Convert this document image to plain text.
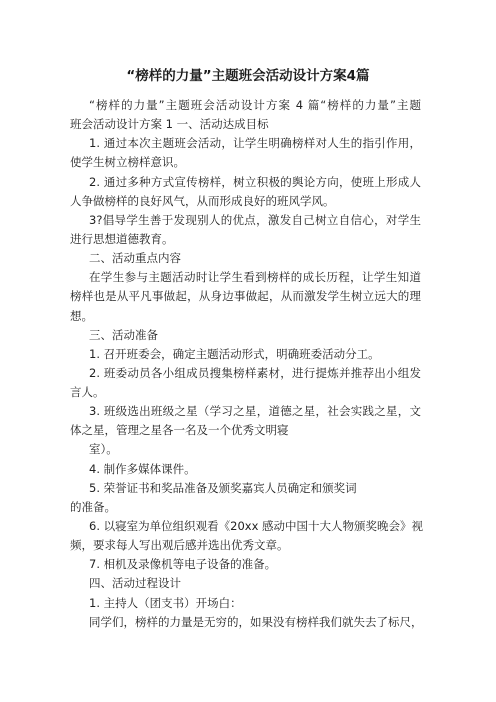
“榜样的力量”主题班会活动设计方案4篇
“榜样的力量”主题班会活动设计方案 4 篇“榜样的力量”主题
班会活动设计方案 1 一、活动达成目标
1. 通过本次主题班会活动，让学生明确榜样对人生的指引作用，
使学生树立榜样意识。
2. 通过多种方式宣传榜样，树立积极的舆论方向，使班上形成人
人争做榜样的良好风气，从而形成良好的班风学风。
3?倡导学生善于发现别人的优点，激发自己树立自信心，对学生
进行思想道德教育。
二、活动重点内容
在学生参与主题活动时让学生看到榜样的成长历程，让学生知道
榜样也是从平凡事做起，从身边事做起，从而激发学生树立远大的理
想。
三、活动准备
1. 召开班委会，确定主题活动形式，明确班委活动分工。
2. 班委动员各小组成员搜集榜样素材，进行提炼并推荐出小组发
言人。
3. 班级选出班级之星（学习之星，道德之星，社会实践之星，文
体之星，管理之星各一名及一个优秀文明寝
室）。
4. 制作多媒体课件。
5. 荣誉证书和奖品准备及颁奖嘉宾人员确定和颁奖词
的准备。
6. 以寝室为单位组织观看《20xx 感动中国十大人物颁奖晚会》视
频，要求每人写出观后感并选出优秀文章。
7. 相机及录像机等电子设备的准备。
四、活动过程设计
1. 主持人（团支书）开场白：
同学们，榜样的力量是无穷的，如果没有榜样我们就失去了标尺，
